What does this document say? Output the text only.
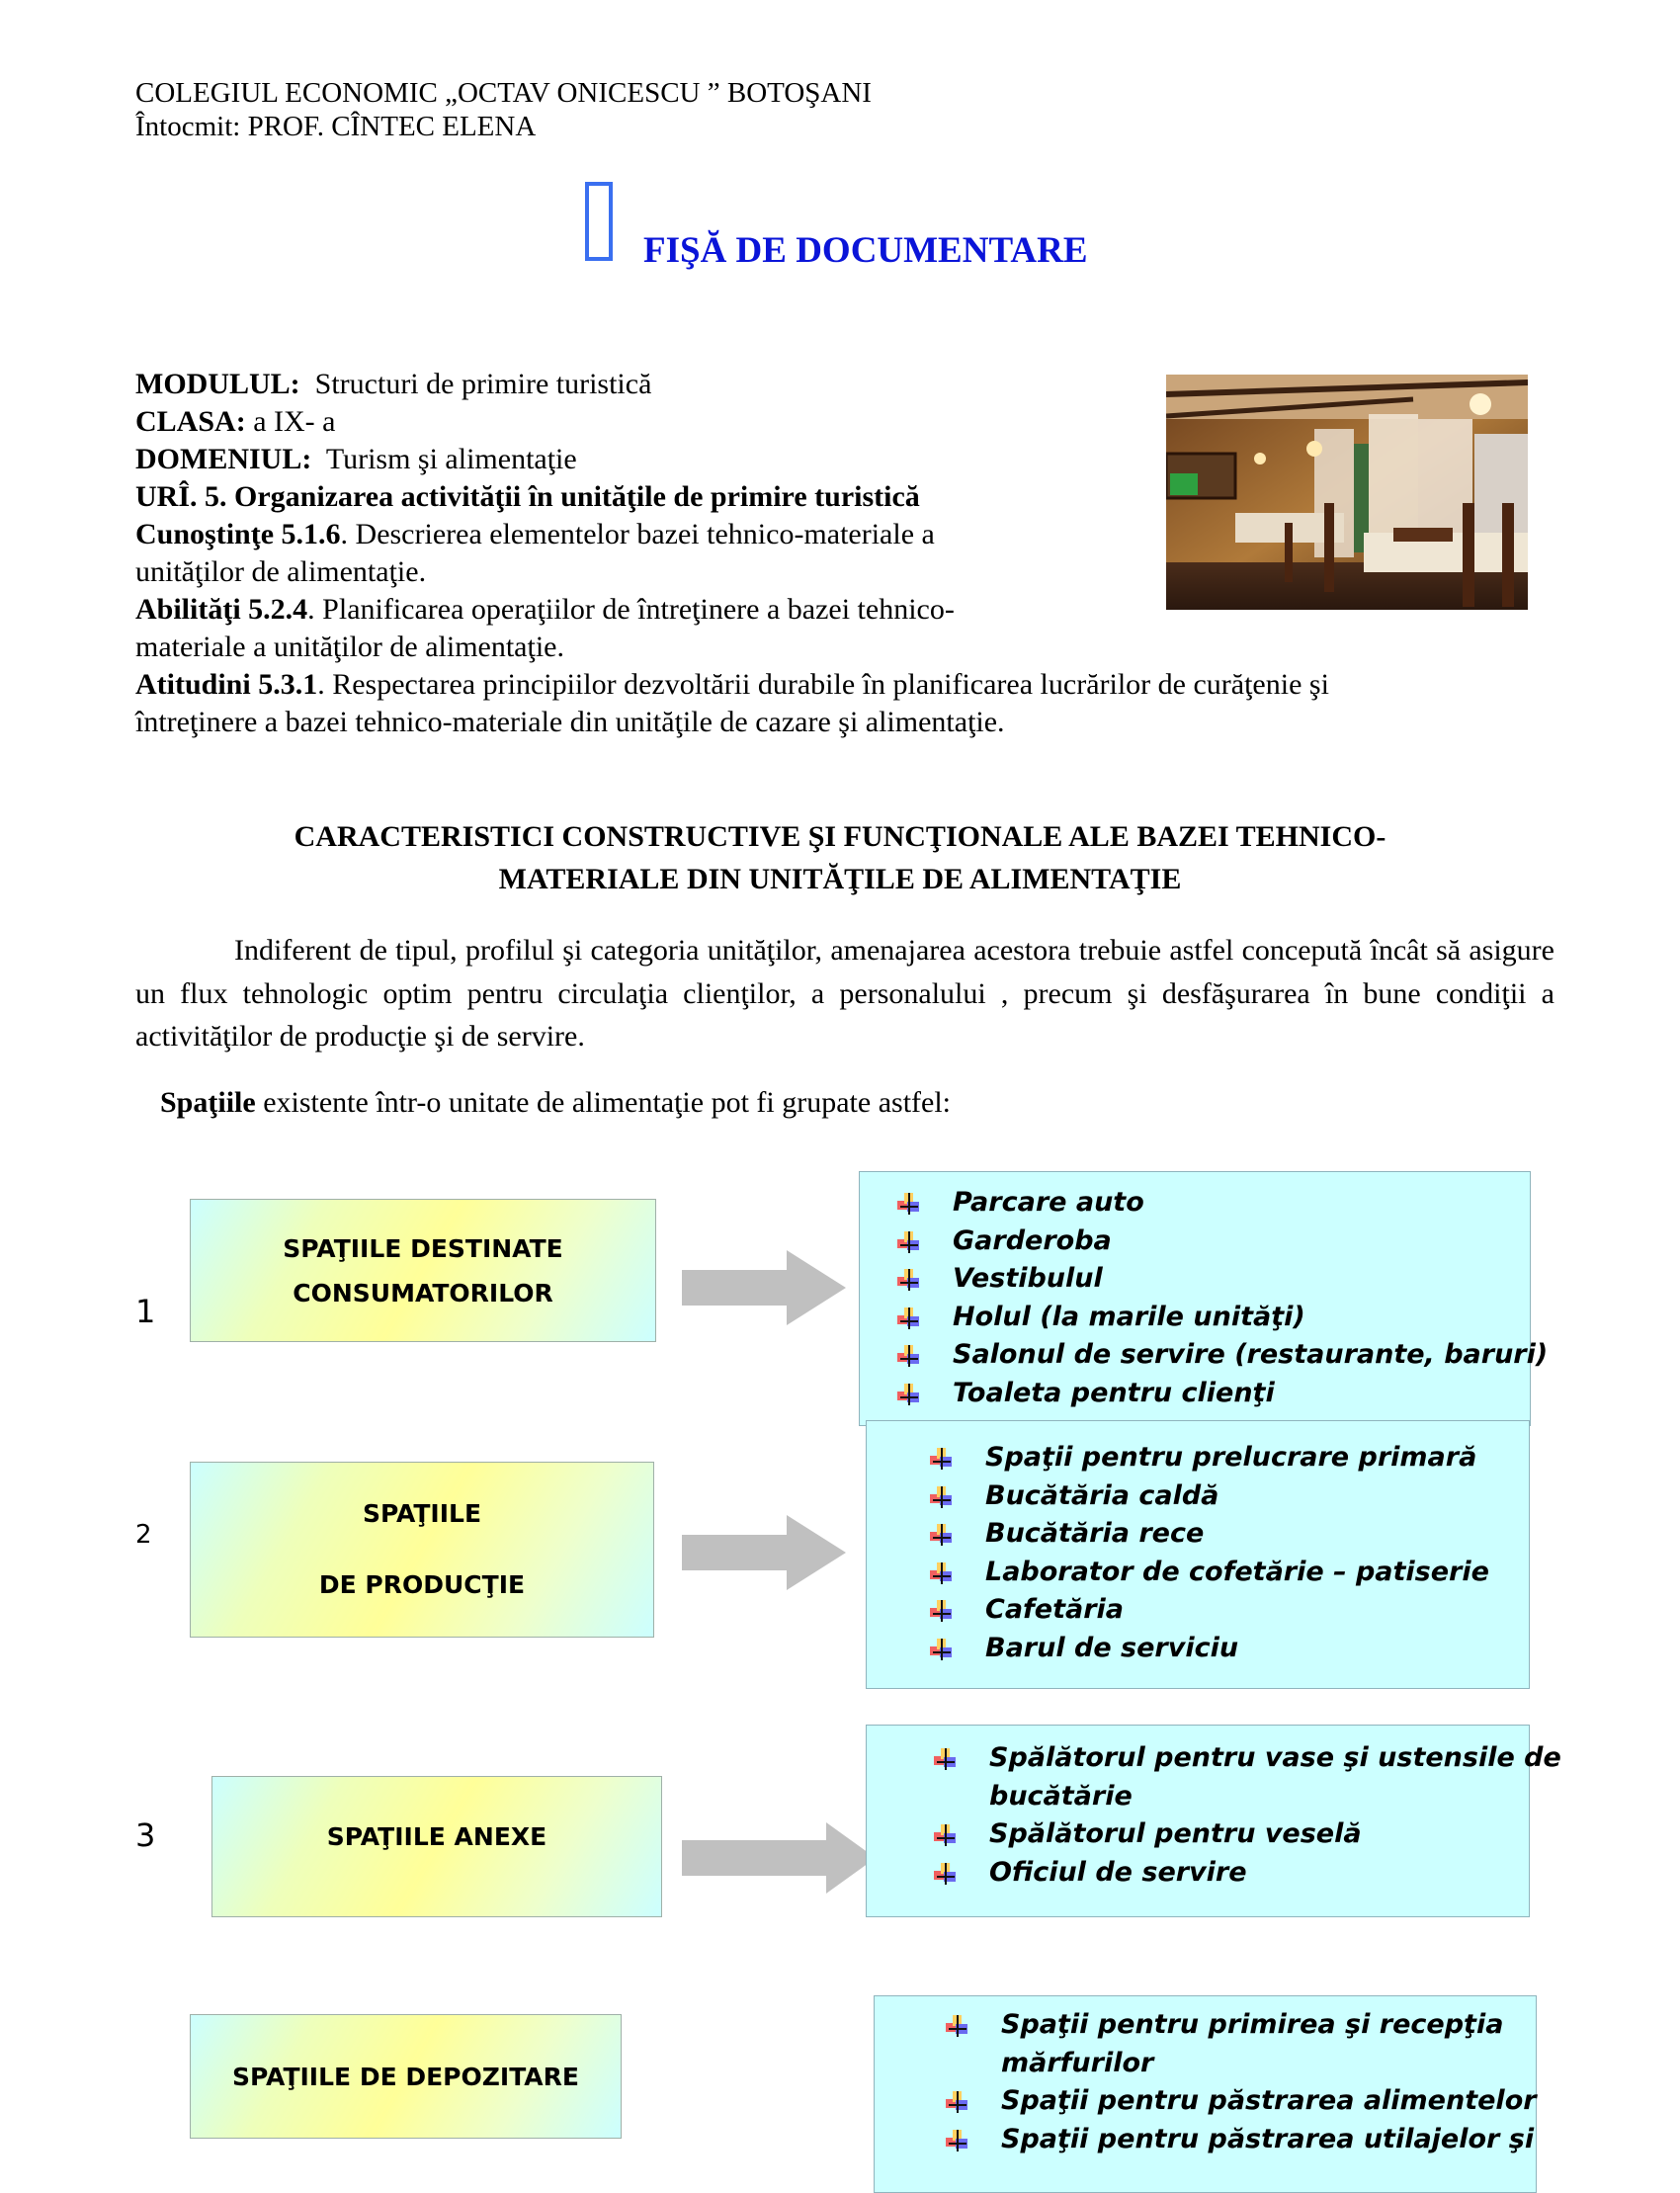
COLEGIUL ECONOMIC „OCTAV ONICESCU ” BOTOŞANI
Întocmit: PROF. CÎNTEC ELENA
FIŞĂ DE DOCUMENTARE
MODULUL: Structuri de primire turistică
CLASA: a IX- a
DOMENIUL: Turism şi alimentaţie
URÎ. 5. Organizarea activităţii în unităţile de primire turistică
Cunoştinţe 5.1.6. Descrierea elementelor bazei tehnico-materiale a
unităţilor de alimentaţie.
Abilităţi 5.2.4. Planificarea operaţiilor de întreţinere a bazei tehnico-
materiale a unităţilor de alimentaţie.
Atitudini 5.3.1. Respectarea principiilor dezvoltării durabile în planificarea lucrărilor de curăţenie şi
întreţinere a bazei tehnico-materiale din unităţile de cazare şi alimentaţie.
CARACTERISTICI CONSTRUCTIVE ŞI FUNCŢIONALE ALE BAZEI TEHNICO-
MATERIALE DIN UNITĂŢILE DE ALIMENTAŢIE
Indiferent de tipul, profilul şi categoria unităţilor, amenajarea acestora trebuie astfel concepută încât să asigure un flux tehnologic optim pentru circulaţia clienţilor, a personalului , precum şi desfăşurarea în bune condiţii a activităţilor de producţie şi de servire.
Spaţiile existente într-o unitate de alimentaţie pot fi grupate astfel:
1
SPAŢIILE DESTINATE
CONSUMATORILOR
Parcare auto
Garderoba
Vestibulul
Holul (la marile unităţi)
Salonul de servire (restaurante, baruri)
Toaleta pentru clienţi
2
SPAŢIILE
DE PRODUCŢIE
Spaţii pentru prelucrare primară
Bucătăria caldă
Bucătăria rece
Laborator de cofetărie – patiserie
Cafetăria
Barul de serviciu
3	SPAŢIILE ANEXE
Spălătorul pentru vase şi ustensile de
bucătărie
Spălătorul pentru veselă
Oficiul de servire
SPAŢIILE DE DEPOZITARE
Spaţii pentru primirea şi recepţia
mărfurilor
Spaţii pentru păstrarea alimentelor
Spaţii pentru păstrarea utilajelor şi
